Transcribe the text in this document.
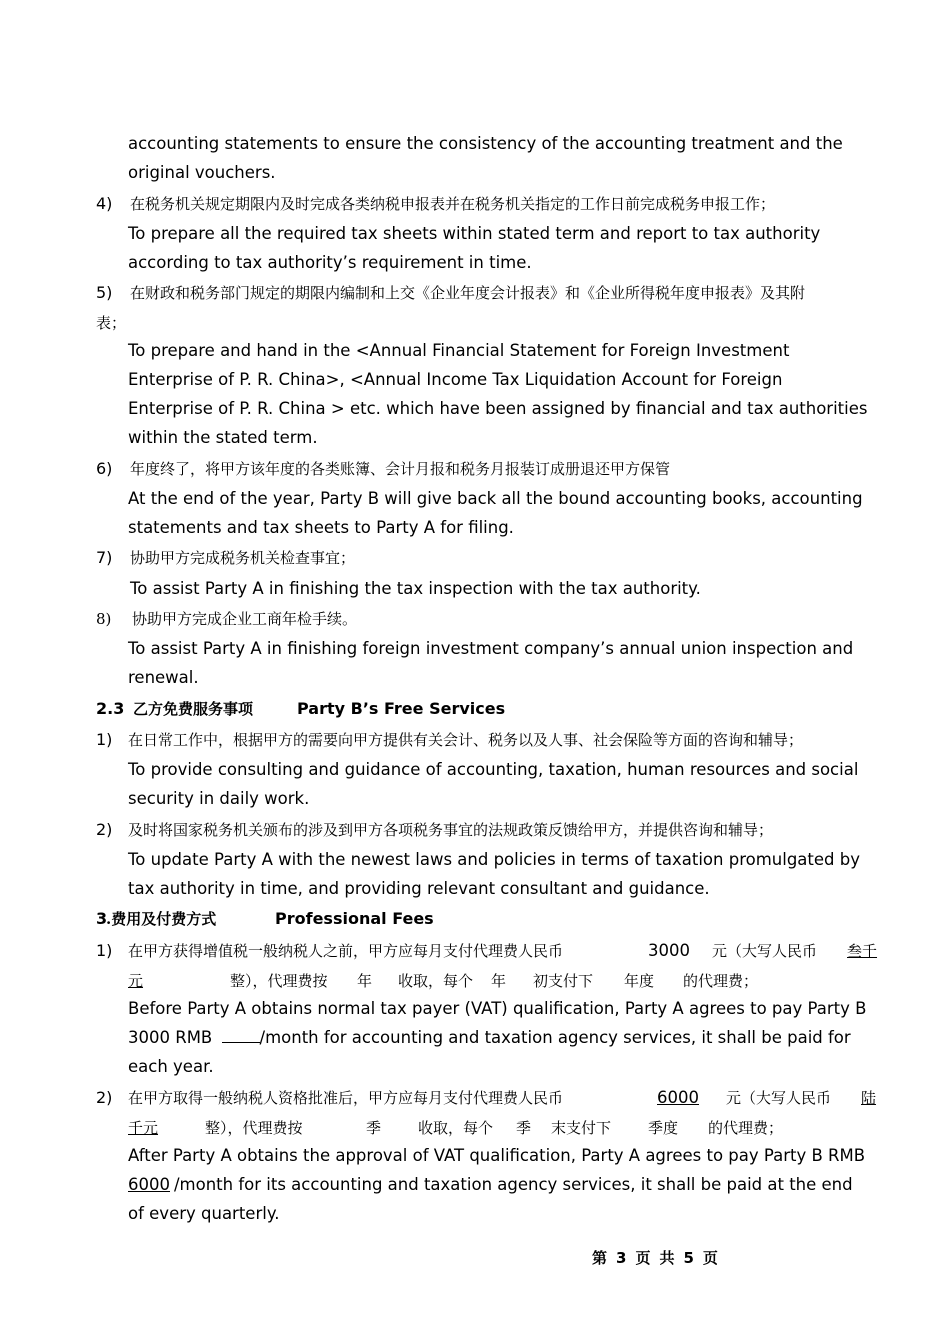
accounting statements to ensure the consistency of the accounting treatment and the
original vouchers.
4) 在税务机关规定期限内及时完成各类纳税申报表并在税务机关指定的工作日前完成税务申报工作；
To prepare all the required tax sheets within stated term and report to tax authority
according to tax authority’s requirement in time.
5) 在财政和税务部门规定的期限内编制和上交《企业年度会计报表》和《企业所得税年度申报表》及其附
表；
To prepare and hand in the <Annual Financial Statement for Foreign Investment
Enterprise of P. R. China>, <Annual Income Tax Liquidation Account for Foreign
Enterprise of P. R. China > etc. which have been assigned by financial and tax authorities
within the stated term.
6) 年度终了，将甲方该年度的各类账簿、会计月报和税务月报装订成册退还甲方保管
At the end of the year, Party B will give back all the bound accounting books, accounting
statements and tax sheets to Party A for filing.
7) 协助甲方完成税务机关检查事宜；
To assist Party A in finishing the tax inspection with the tax authority.
8) 协助甲方完成企业工商年检手续。
To assist Party A in finishing foreign investment company’s annual union inspection and
renewal.
2.3 乙方免费服务事项	Party B’s Free Services
1) 在日常工作中，根据甲方的需要向甲方提供有关会计、税务以及人事、社会保险等方面的咨询和辅导；
To provide consulting and guidance of accounting, taxation, human resources and social
security in daily work.
2) 及时将国家税务机关颁布的涉及到甲方各项税务事宜的法规政策反馈给甲方，并提供咨询和辅导；
To update Party A with the newest laws and policies in terms of taxation promulgated by
tax authority in time, and providing relevant consultant and guidance.
3
.费用及付费方式	Professional Fees
1) 在甲方获得增值税一般纳税人之前，甲方应每月支付代理费人民币	3000 元（大写人民币	叁千
元	整），代理费按 年 收取，每个 年 初支付下 年度 的代理费；
Before Party A obtains normal tax payer (VAT) qualification, Party A agrees to pay Party B
3000 RMB	/month for accounting and taxation agency services, it shall be paid for
each year.
2) 在甲方取得一般纳税人资格批准后，甲方应每月支付代理费人民币	6000	元（大写人民币	陆
千元	整），代理费按	季 收取，每个 季 末支付下 季度 的代理费；
After Party A obtains the approval of VAT qualification, Party A agrees to pay Party B RMB
6000 /month for its accounting and taxation agency services, it shall be paid at the end
of every quarterly.
第 3 页 共 5 页
